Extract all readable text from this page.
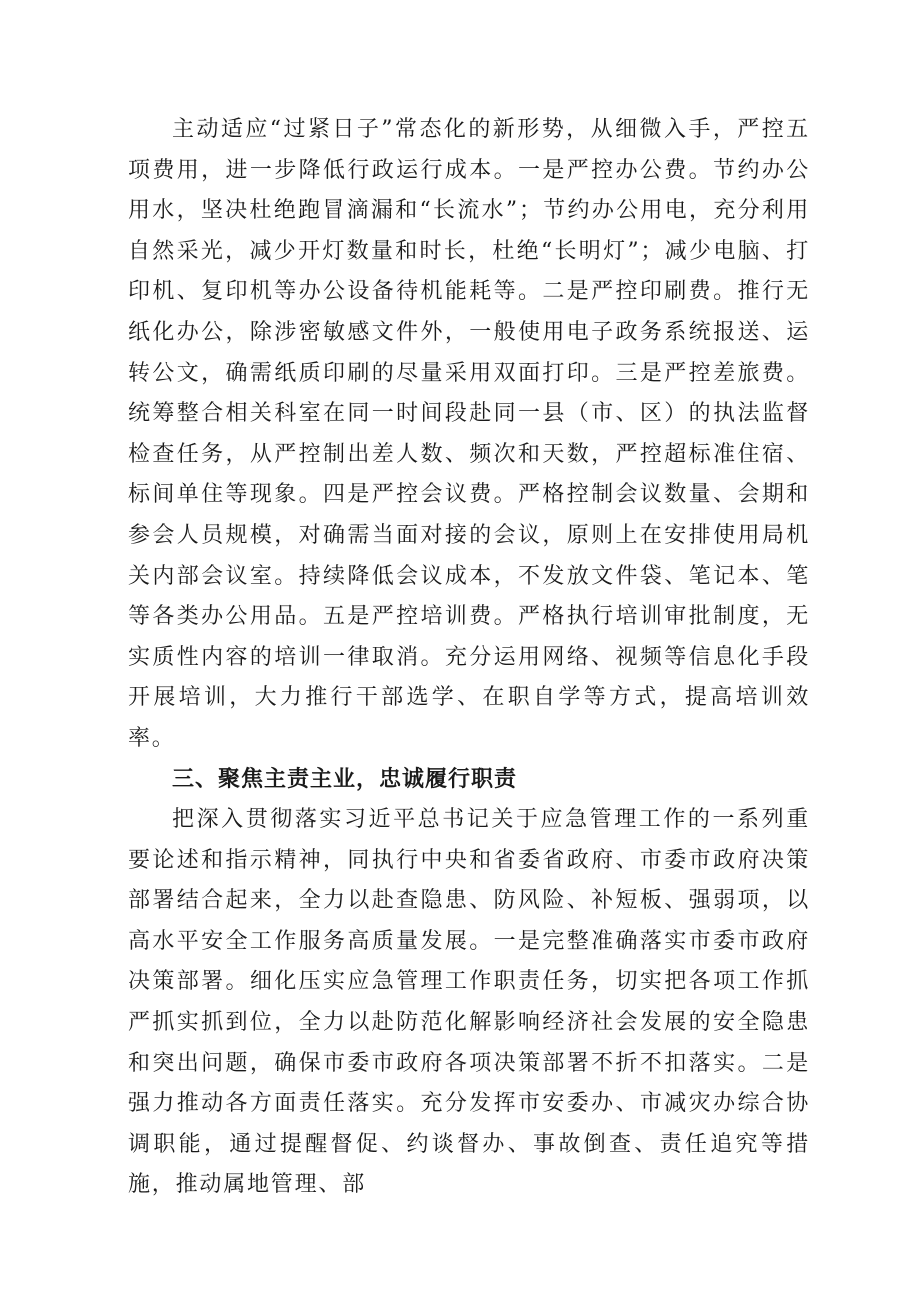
主动适应“过紧日子”常态化的新形势，从细微入手，严控五项费用，进一步降低行政运行成本。一是严控办公费。节约办公用水，坚决杜绝跑冒滴漏和“长流水”；节约办公用电，充分利用自然采光，减少开灯数量和时长，杜绝“长明灯”；减少电脑、打印机、复印机等办公设备待机能耗等。二是严控印刷费。推行无纸化办公，除涉密敏感文件外，一般使用电子政务系统报送、运转公文，确需纸质印刷的尽量采用双面打印。三是严控差旅费。统筹整合相关科室在同一时间段赴同一县（市、区）的执法监督检查任务，从严控制出差人数、频次和天数，严控超标准住宿、标间单住等现象。四是严控会议费。严格控制会议数量、会期和参会人员规模，对确需当面对接的会议，原则上在安排使用局机关内部会议室。持续降低会议成本，不发放文件袋、笔记本、笔等各类办公用品。五是严控培训费。严格执行培训审批制度，无实质性内容的培训一律取消。充分运用网络、视频等信息化手段开展培训，大力推行干部选学、在职自学等方式，提高培训效率。

三、聚焦主责主业，忠诚履行职责

把深入贯彻落实习近平总书记关于应急管理工作的一系列重要论述和指示精神，同执行中央和省委省政府、市委市政府决策部署结合起来，全力以赴查隐患、防风险、补短板、强弱项，以高水平安全工作服务高质量发展。一是完整准确落实市委市政府决策部署。细化压实应急管理工作职责任务，切实把各项工作抓严抓实抓到位，全力以赴防范化解影响经济社会发展的安全隐患和突出问题，确保市委市政府各项决策部署不折不扣落实。二是强力推动各方面责任落实。充分发挥市安委办、市减灾办综合协调职能，通过提醒督促、约谈督办、事故倒查、责任追究等措施，推动属地管理、部
